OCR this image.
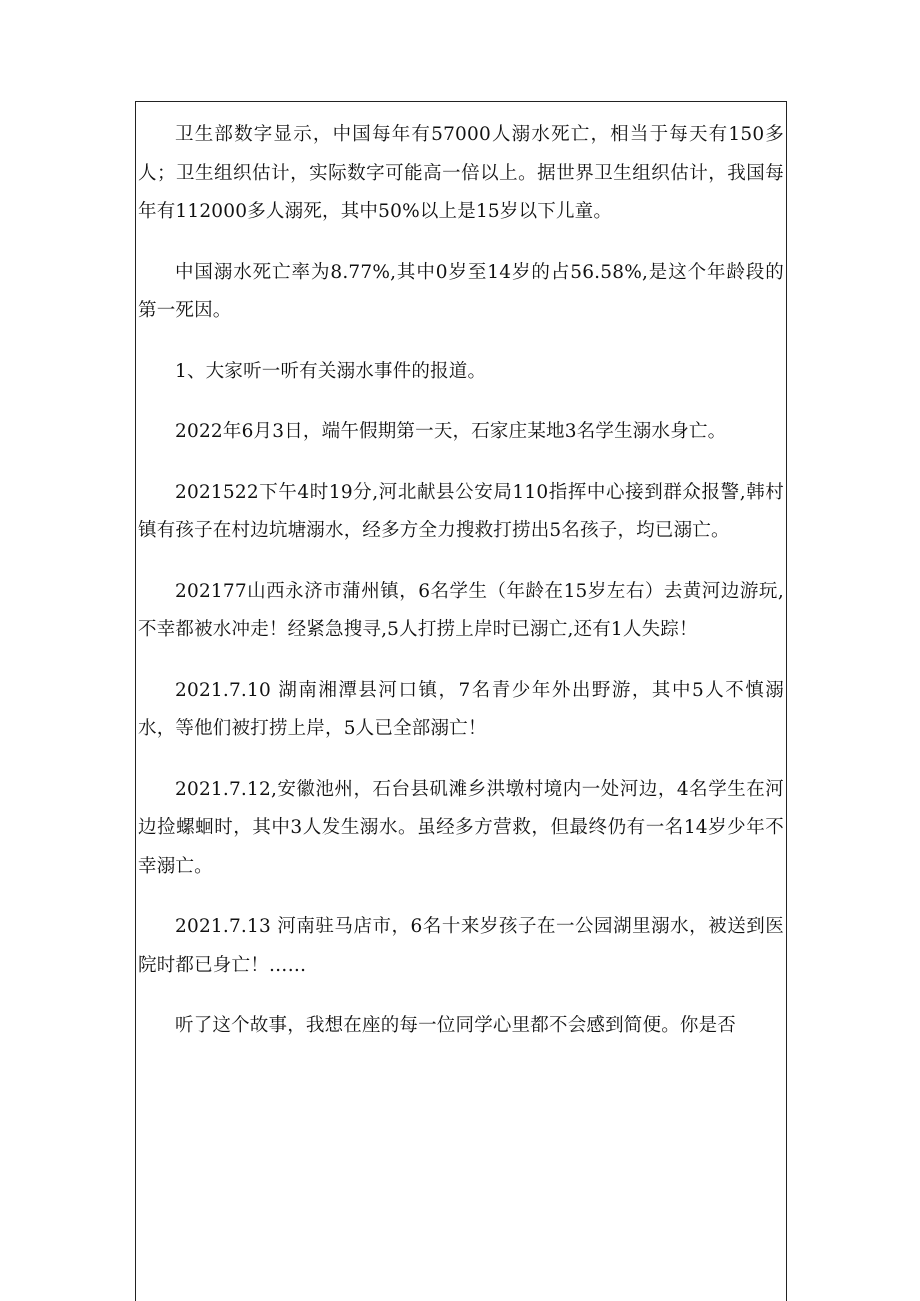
卫生部数字显示，中国每年有57000人溺水死亡，相当于每天有150多人；卫生组织估计，实际数字可能高一倍以上。据世界卫生组织估计，我国每年有112000多人溺死，其中50%以上是15岁以下儿童。

中国溺水死亡率为8.77%,其中0岁至14岁的占56.58%,是这个年龄段的第一死因。

1、大家听一听有关溺水事件的报道。

2022年6月3日，端午假期第一天，石家庄某地3名学生溺水身亡。

2021522下午4时19分,河北献县公安局110指挥中心接到群众报警,韩村镇有孩子在村边坑塘溺水，经多方全力搜救打捞出5名孩子，均已溺亡。

202177山西永济市蒲州镇，6名学生（年龄在15岁左右）去黄河边游玩,不幸都被水冲走！经紧急搜寻,5人打捞上岸时已溺亡,还有1人失踪！

2021.7.10 湖南湘潭县河口镇，7名青少年外出野游，其中5人不慎溺水，等他们被打捞上岸，5人已全部溺亡！

2021.7.12,安徽池州，石台县矶滩乡洪墩村境内一处河边，4名学生在河边捡螺蛔时，其中3人发生溺水。虽经多方营救，但最终仍有一名14岁少年不幸溺亡。

2021.7.13 河南驻马店市，6名十来岁孩子在一公园湖里溺水，被送到医院时都已身亡！……

听了这个故事，我想在座的每一位同学心里都不会感到简便。你是否
